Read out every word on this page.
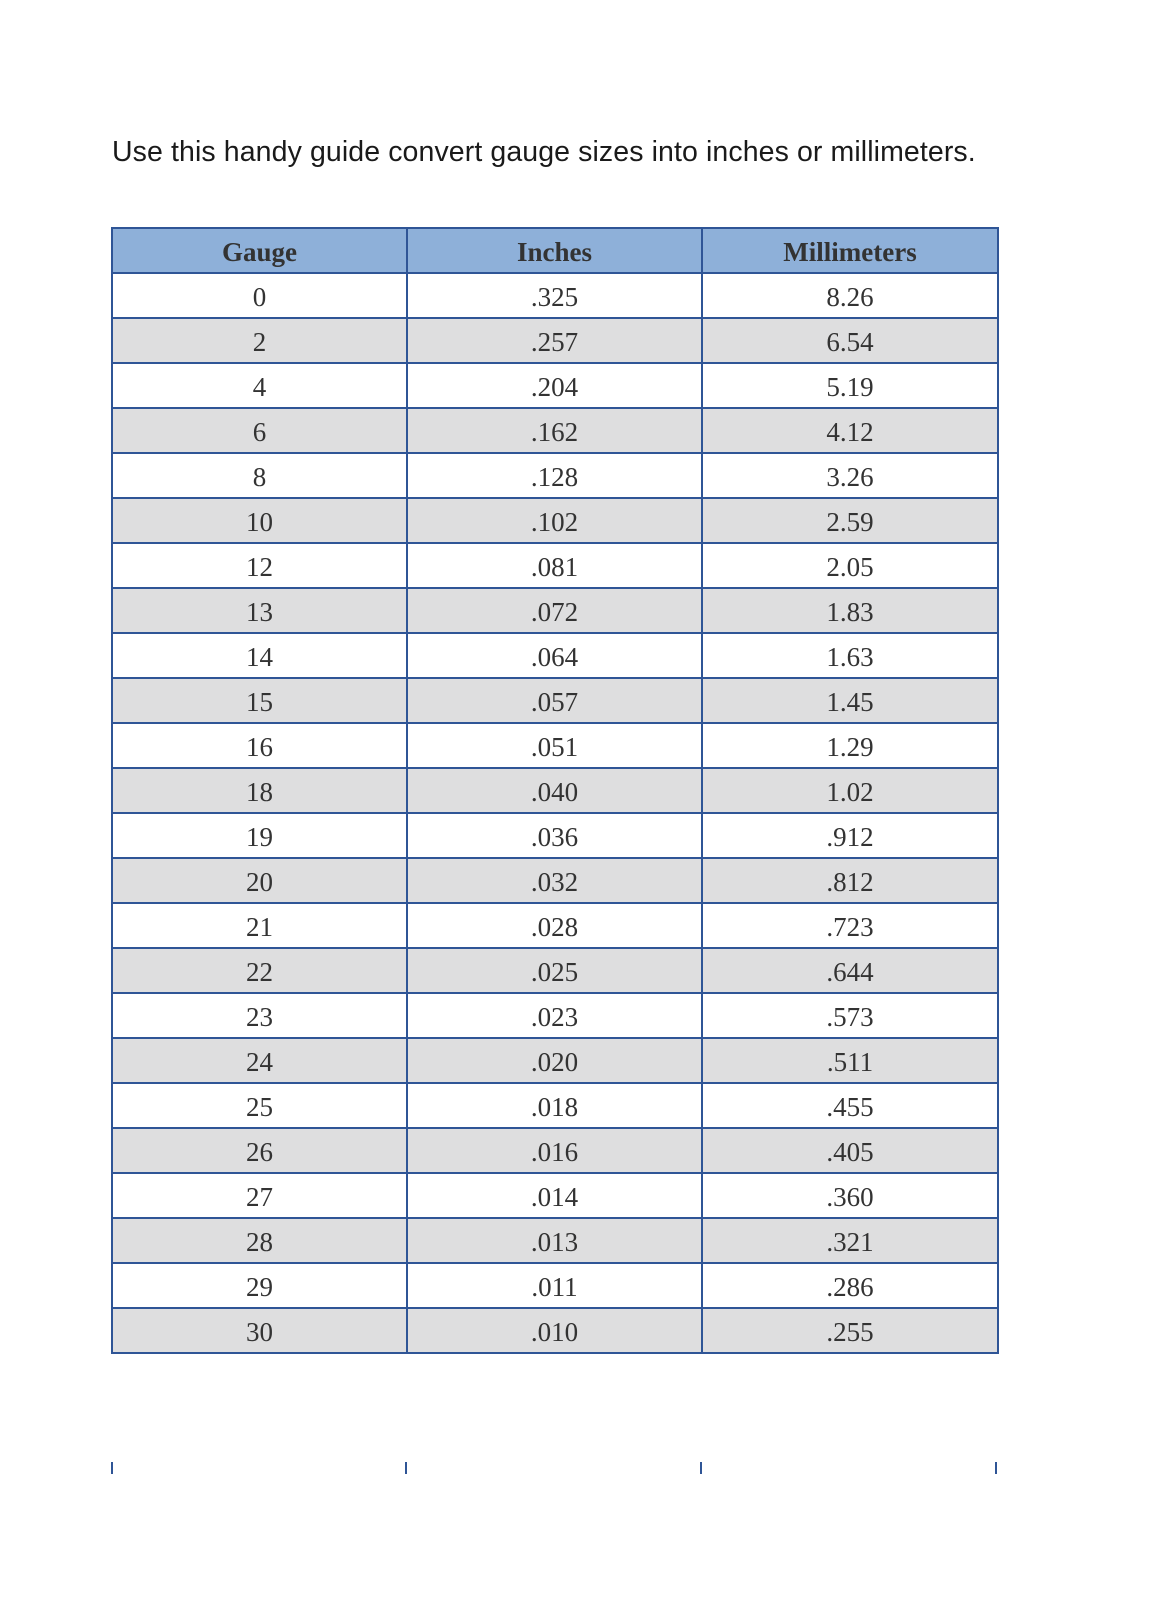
Use this handy guide convert gauge sizes into inches or millimeters.
Gauge	Inches	Millimeters
0	.325	8.26
2	.257	6.54
4	.204	5.19
6	.162	4.12
8	.128	3.26
10	.102	2.59
12	.081	2.05
13	.072	1.83
14	.064	1.63
15	.057	1.45
16	.051	1.29
18	.040	1.02
19	.036	.912
20	.032	.812
21	.028	.723
22	.025	.644
23	.023	.573
24	.020	.511
25	.018	.455
26	.016	.405
27	.014	.360
28	.013	.321
29	.011	.286
30	.010	.255
